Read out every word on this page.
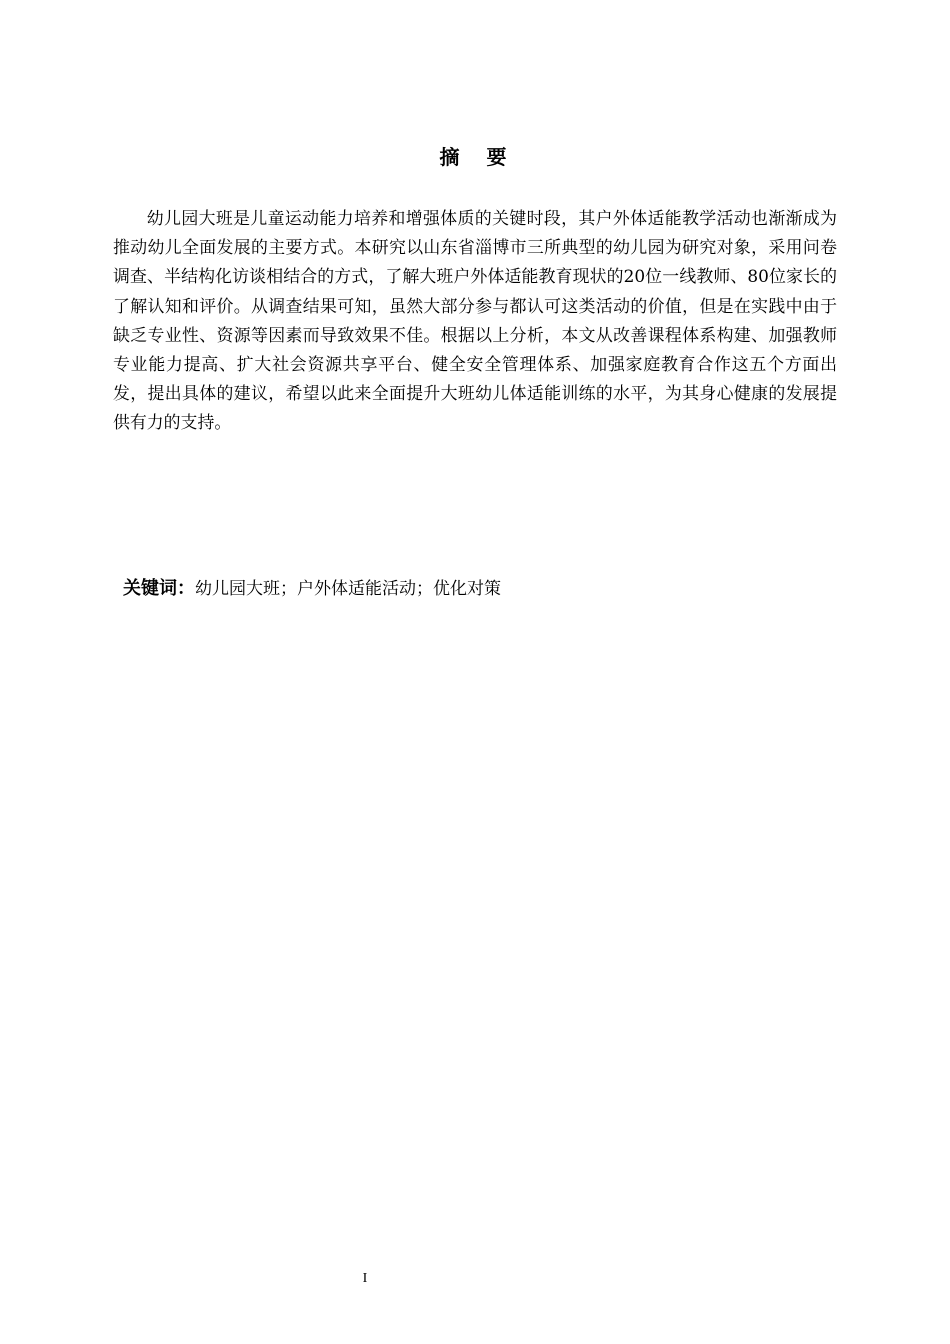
摘 要

幼儿园大班是儿童运动能力培养和增强体质的关键时段，其户外体适能教学活动也渐渐成为推动幼儿全面发展的主要方式。本研究以山东省淄博市三所典型的幼儿园为研究对象，采用问卷调查、半结构化访谈相结合的方式，了解大班户外体适能教育现状的20位一线教师、80位家长的了解认知和评价。从调查结果可知，虽然大部分参与都认可这类活动的价值，但是在实践中由于缺乏专业性、资源等因素而导致效果不佳。根据以上分析，本文从改善课程体系构建、加强教师专业能力提高、扩大社会资源共享平台、健全安全管理体系、加强家庭教育合作这五个方面出发，提出具体的建议，希望以此来全面提升大班幼儿体适能训练的水平，为其身心健康的发展提供有力的支持。

关键词：幼儿园大班；户外体适能活动；优化对策
I
